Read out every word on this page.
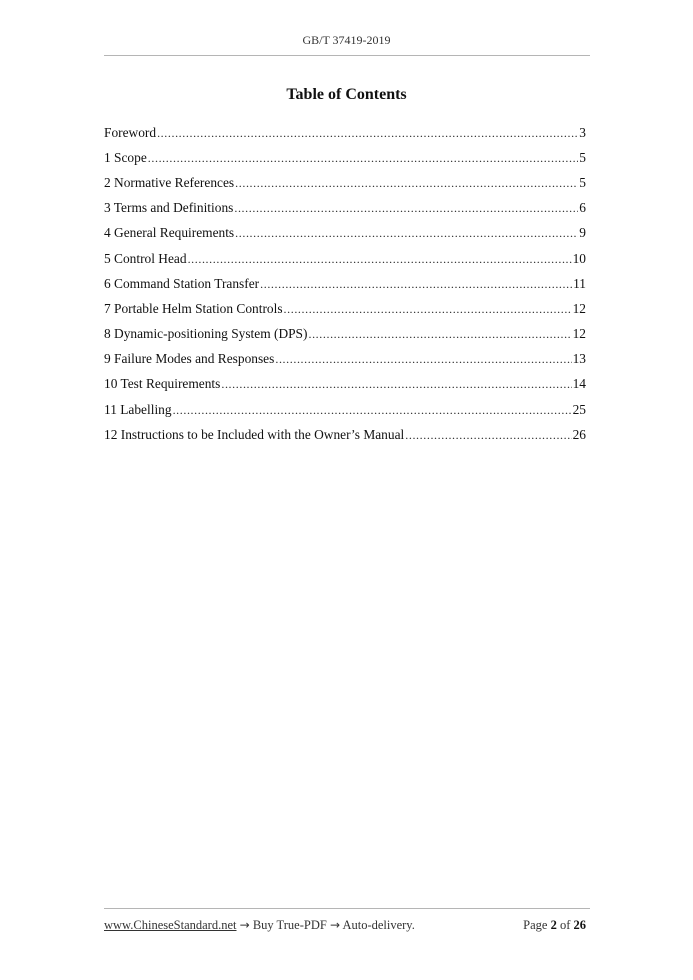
GB/T 37419-2019
Table of Contents
Foreword .....	3
1 Scope .....	5
2 Normative References .....	5
3 Terms and Definitions .....	6
4 General Requirements .....	9
5 Control Head .....	10
6 Command Station Transfer .....	11
7 Portable Helm Station Controls .....	12
8 Dynamic-positioning System (DPS) .....	12
9 Failure Modes and Responses .....	13
10 Test Requirements .....	14
11 Labelling .....	25
12 Instructions to be Included with the Owner’s Manual .....	26
www.ChineseStandard.net → Buy True-PDF → Auto-delivery.	Page 2 of 26
